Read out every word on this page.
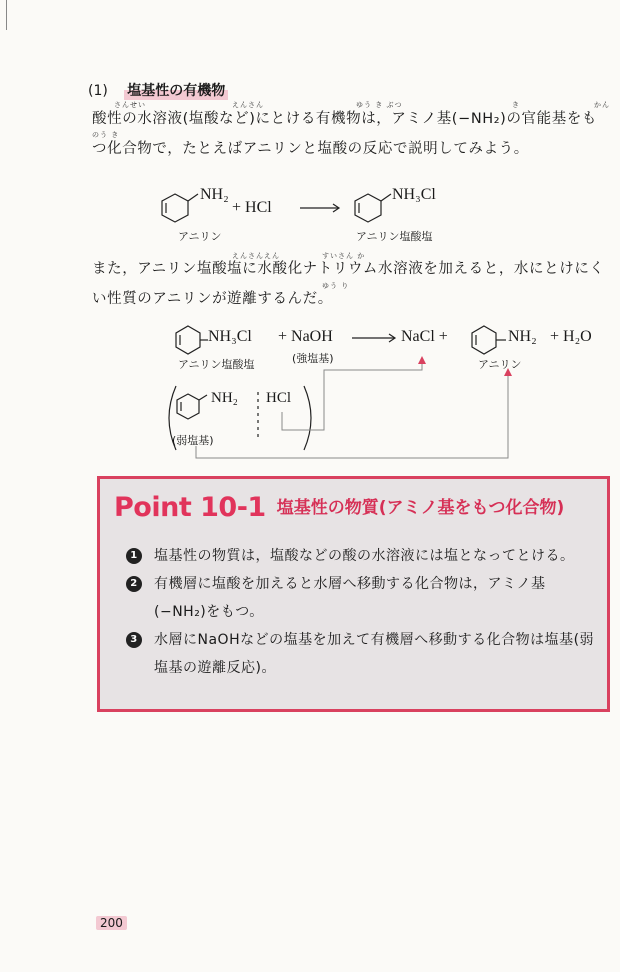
(1) 塩基性の有機物
さんせい	えんさん	ゆう き ぶつ	き	かん
のう き
酸性の水溶液(塩酸など)にとける有機物は，アミノ基(−NH₂)の官能基をもつ化合物で，たとえばアニリンと塩酸の反応で説明してみよう。
NH₂
+ HCl
NH₃Cl
アニリン	アニリン塩酸塩
えんさんえん	すいさん か
ゆう り
また，アニリン塩酸塩に水酸化ナトリウム水溶液を加えると，水にとけにくい性質のアニリンが遊離するんだ。
NH₃Cl + NaOH	NaCl +	NH₂ + H₂O
アニリン塩酸塩	(強塩基)	アニリン
NH₂ HCl
(弱塩基)
Point 10-1 塩基性の物質(アミノ基をもつ化合物)
1	塩基性の物質は，塩酸などの酸の水溶液には塩となってとける。
2	有機層に塩酸を加えると水層へ移動する化合物は，アミノ基(−NH₂)をもつ。
3	水層にNaOHなどの塩基を加えて有機層へ移動する化合物は塩基(弱塩基の遊離反応)。
200
